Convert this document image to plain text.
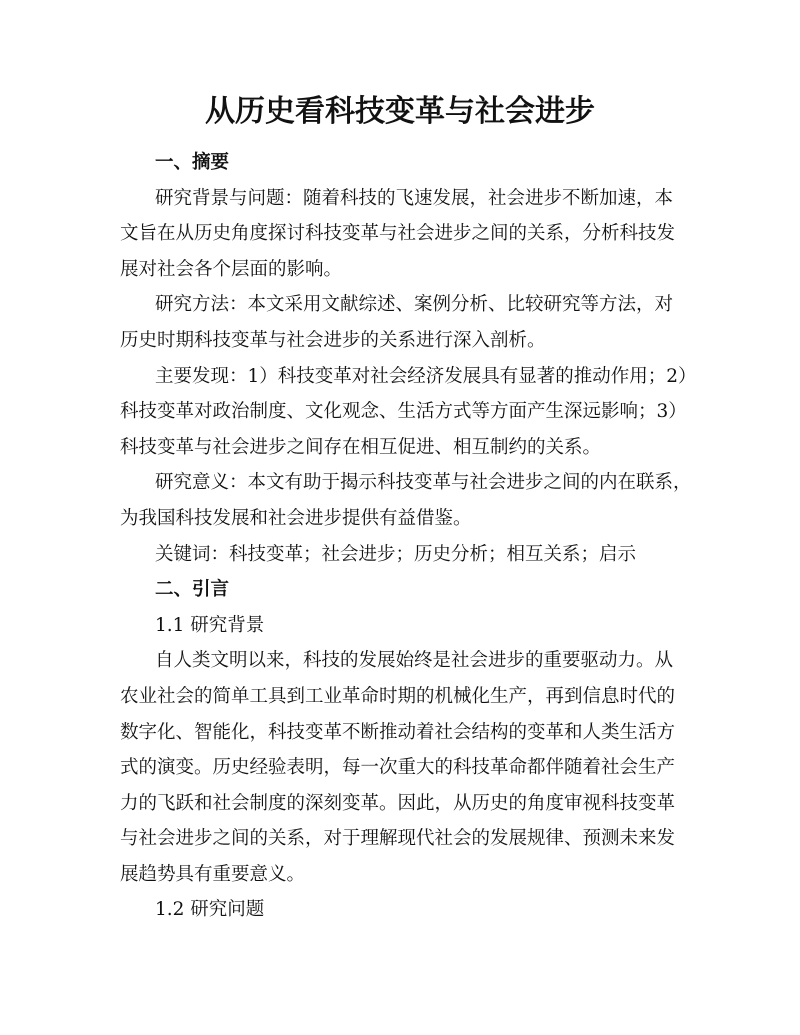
从历史看科技变革与社会进步
一、摘要
研究背景与问题：随着科技的飞速发展，社会进步不断加速，本
文旨在从历史角度探讨科技变革与社会进步之间的关系，分析科技发
展对社会各个层面的影响。
研究方法：本文采用文献综述、案例分析、比较研究等方法，对
历史时期科技变革与社会进步的关系进行深入剖析。
主要发现：1）科技变革对社会经济发展具有显著的推动作用；2）
科技变革对政治制度、文化观念、生活方式等方面产生深远影响；3）
科技变革与社会进步之间存在相互促进、相互制约的关系。
研究意义：本文有助于揭示科技变革与社会进步之间的内在联系，
为我国科技发展和社会进步提供有益借鉴。
关键词：科技变革；社会进步；历史分析；相互关系；启示
二、引言
1.1 研究背景
自人类文明以来，科技的发展始终是社会进步的重要驱动力。从
农业社会的简单工具到工业革命时期的机械化生产，再到信息时代的
数字化、智能化，科技变革不断推动着社会结构的变革和人类生活方
式的演变。历史经验表明，每一次重大的科技革命都伴随着社会生产
力的飞跃和社会制度的深刻变革。因此，从历史的角度审视科技变革
与社会进步之间的关系，对于理解现代社会的发展规律、预测未来发
展趋势具有重要意义。
1.2 研究问题
